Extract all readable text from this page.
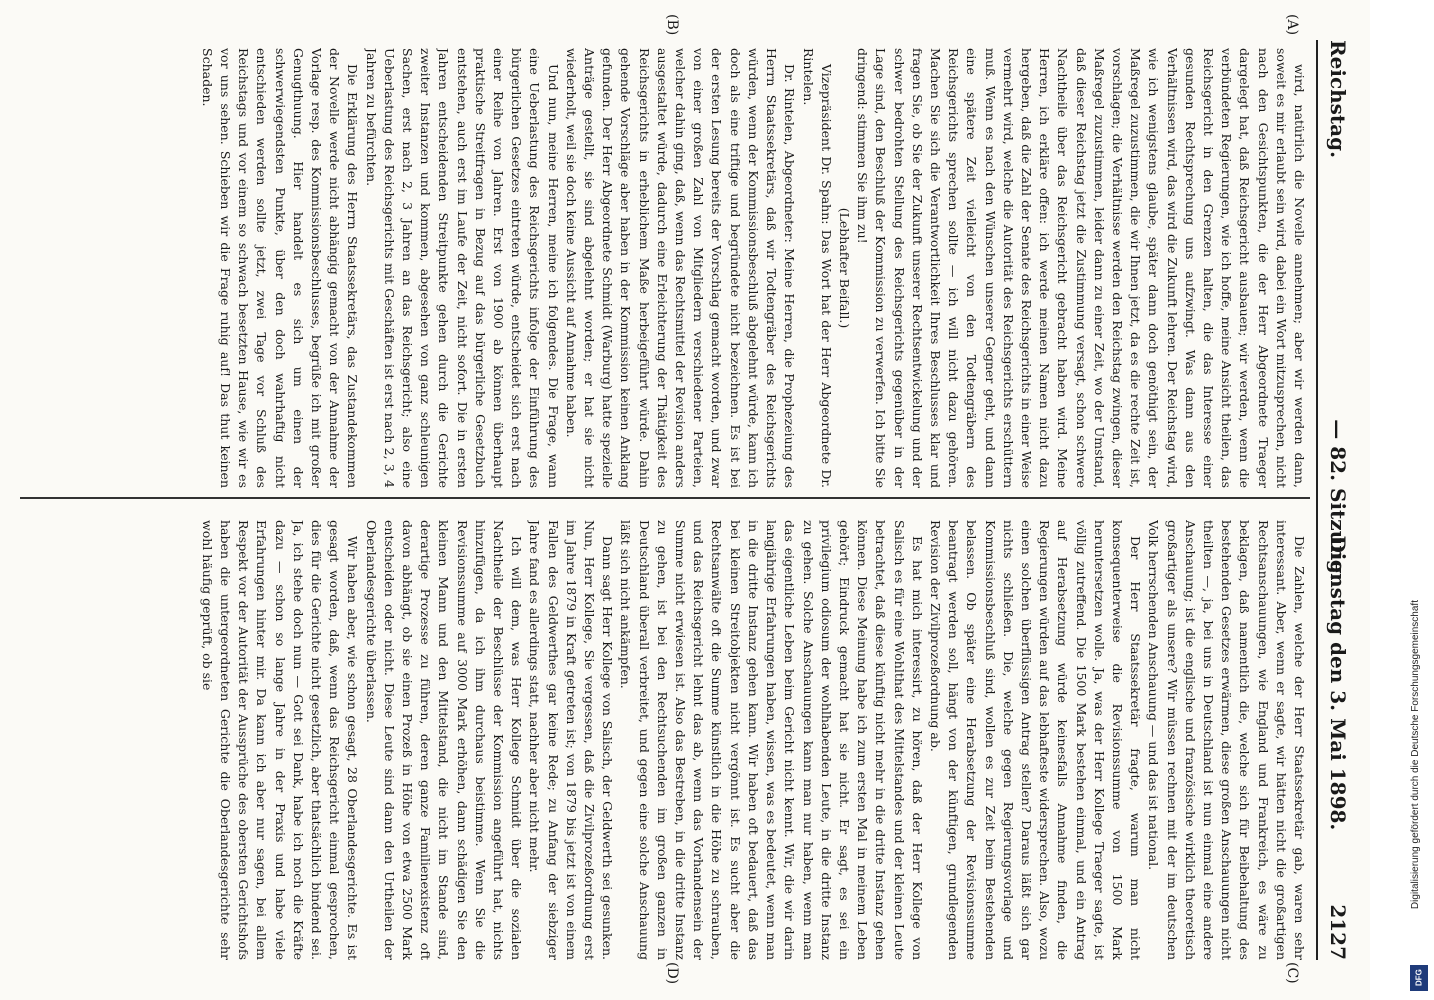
Reichstag.
— 82. Sitzung.
Dienstag den 3. Mai 1898.  2127
(A)
(B)
(C)
(D)

wird, natürlich die Novelle annehmen; aber wir werden dann, soweit es mir erlaubt sein wird, dabei ein Wort mitzusprechen, nicht nach den Gesichtspunkten, die der Herr Abgeordnete Traeger dargelegt hat, daß Reichsgericht ausbauen; wir werden, wenn die verbündeten Regierungen, wie ich hoffe, meine Ansicht theilen, das Reichsgericht in den Grenzen halten, die das Interesse einer gesunden Rechtsprechung uns aufzwingt. Was dann aus den Verhältnissen wird, das wird die Zukunft lehren. Der Reichstag wird, wie ich wenigstens glaube, später dann doch genöthigt sein, der Maßregel zuzustimmen, die wir Ihnen jetzt, da es die rechte Zeit ist, vorschlagen; die Verhältnisse werden den Reichstag zwingen, dieser Maßregel zuzustimmen, leider dann zu einer Zeit, wo der Umstand, daß dieser Reichstag jetzt die Zustimmung versagt, schon schwere Nachtheile über das Reichsgericht gebracht haben wird. Meine Herren, ich erkläre offen: ich werde meinen Namen nicht dazu hergeben, daß die Zahl der Senate des Reichsgerichts in einer Weise vermehrt wird, welche die Autorität des Reichsgerichts erschüttern muß. Wenn es nach den Wünschen unserer Gegner geht, und dann eine spätere Zeit vielleicht von den Todtengräbern des Reichsgerichts sprechen sollte — ich will nicht dazu gehören. Machen Sie sich die Verantwortlichkeit Ihres Beschlusses klar und fragen Sie, ob Sie der Zukunft unserer Rechtsentwickelung und der schwer bedrohten Stellung des Reichsgerichts gegenüber in der Lage sind, den Beschluß der Kommission zu verwerfen. Ich bitte Sie dringend: stimmen Sie ihm zu!

(Lebhafter Beifall.)

Vizepräsident Dr. Spahn: Das Wort hat der Herr Abgeordnete Dr. Rintelen.

Dr. Rintelen, Abgeordneter: Meine Herren, die Prophezeiung des Herrn Staatssekretärs, daß wir Todtengräber des Reichsgerichts würden, wenn der Kommissionsbeschluß abgelehnt würde, kann ich doch als eine triftige und begründete nicht bezeichnen. Es ist bei der ersten Lesung bereits der Vorschlag gemacht worden, und zwar von einer großen Zahl von Mitgliedern verschiedener Parteien, welcher dahin ging, daß, wenn das Rechtsmittel der Revision anders ausgestaltet würde, dadurch eine Erleichterung der Thätigkeit des Reichsgerichts in erheblichem Maße herbeigeführt würde. Dahin gehende Vorschläge aber haben in der Kommission keinen Anklang gefunden. Der Herr Abgeordnete Schmidt (Warburg) hatte spezielle Anträge gestellt, sie sind abgelehnt worden; er hat sie nicht wiederholt, weil sie doch keine Aussicht auf Annahme haben.

Und nun, meine Herren, meine ich folgendes. Die Frage, wann eine Ueberlastung des Reichsgerichts infolge der Einführung des bürgerlichen Gesetzes eintreten würde, entscheidet sich erst nach einer Reihe von Jahren. Erst von 1900 ab können überhaupt praktische Streitfragen in Bezug auf das bürgerliche Gesetzbuch entstehen, auch erst im Laufe der Zeit, nicht sofort. Die in ersten Jahren entscheidenden Streitpunkte gehen durch die Gerichte zweiter Instanzen und kommen, abgesehen von ganz schleunigen Sachen, erst nach 2, 3 Jahren an das Reichsgericht; also eine Ueberlastung des Reichsgerichts mit Geschäften ist erst nach 2, 3, 4 Jahren zu befürchten.

Die Erklärung des Herrn Staatssekretärs, das Zustandekommen der Novelle werde nicht abhängig gemacht von der Annahme der Vorlage resp. des Kommissionsbeschlusses, begrüße ich mit großer Genugthuung. Hier handelt es sich um einen der schwerwiegendsten Punkte, über den doch wahrhaftig nicht entschieden werden sollte jetzt, zwei Tage vor Schluß des Reichstags und vor einem so schwach besetzten Hause, wie wir es vor uns sehen. Schieben wir die Frage ruhig auf! Das thut keinen Schaden.

Die Zahlen, welche der Herr Staatssekretär gab, waren sehr interessant. Aber, wenn er sagte, wir hätten nicht die großartigen Rechtsanschauungen, wie England und Frankreich, es wäre zu beklagen, daß namentlich die, welche sich für Beibehaltung des bestehenden Gesetzes erwärmen, diese großen Anschauungen nicht theilten —, ja, bei uns in Deutschland ist nun einmal eine andere Anschauung; ist die englische und französische wirklich theoretisch großartiger als unsere? Wir müssen rechnen mit der im deutschen Volk herrschenden Anschauung — und das ist national.

Der Herr Staatssekretär fragte, warum man nicht konsequenterweise die Revisionssumme von 1500 Mark heruntersetzen wolle. Ja, was der Herr Kollege Traeger sagte, ist völlig zutreffend. Die 1500 Mark bestehen einmal, und ein Antrag auf Herabsetzung würde keinesfalls Annahme finden, die Regierungen würden auf das lebhafteste widersprechen. Also, wozu einen solchen überflüssigen Antrag stellen? Daraus läßt sich gar nichts schließen. Die, welche gegen Regierungsvorlage und Kommissionsbeschluß sind, wollen es zur Zeit beim Bestehenden belassen. Ob später eine Herabsetzung der Revisionssumme beantragt werden soll, hängt von der künftigen, grundlegenden Revision der Zivilprozeßordnung ab.

Es hat mich interessirt, zu hören, daß der Herr Kollege von Salisch es für eine Wohlthat des Mittelstandes und der kleinen Leute betrachtet, daß diese künftig nicht mehr in die dritte Instanz gehen können. Diese Meinung habe ich zum ersten Mal in meinem Leben gehört; Eindruck gemacht hat sie nicht. Er sagt, es sei ein privilegium odiosum der wohlhabenden Leute, in die dritte Instanz zu gehen. Solche Anschauungen kann man nur haben, wenn man das eigentliche Leben beim Gericht nicht kennt. Wir, die wir darin langjährige Erfahrungen haben, wissen, was es bedeutet, wenn man in die dritte Instanz gehen kann. Wir haben oft bedauert, daß das bei kleinen Streitobjekten nicht vergönnt ist. Es sucht aber die Rechtsanwälte oft die Summe künstlich in die Höhe zu schrauben, und das Reichsgericht lehnt das ab, wenn das Vorhandensein der Summe nicht erwiesen ist. Also das Bestreben, in die dritte Instanz zu gehen, ist bei den Rechtsuchenden im großen ganzen in Deutschland überall verbreitet, und gegen eine solche Anschauung läßt sich nicht ankämpfen.

Dann sagt Herr Kollege von Salisch, der Geldwerth sei gesunken. Nun, Herr Kollege, Sie vergessen, daß die Zivilprozeßordnung erst im Jahre 1879 in Kraft getreten ist; von 1879 bis jetzt ist von einem Fallen des Geldwerthes gar keine Rede; zu Anfang der siebziger Jahre fand es allerdings statt, nachher aber nicht mehr.

Ich will dem, was Herr Kollege Schmidt über die sozialen Nachtheile der Beschlüsse der Kommission angeführt hat, nichts hinzufügen, da ich ihm durchaus beistimme. Wenn Sie die Revisionssumme auf 3000 Mark erhöhen, dann schädigen Sie den kleinen Mann und den Mittelstand, die nicht im Stande sind, derartige Prozesse zu führen, deren ganze Familienexistenz oft davon abhängt, ob sie einen Prozeß in Höhe von etwa 2500 Mark entscheiden oder nicht. Diese Leute sind dann den Urtheilen der Oberlandesgerichte überlassen.

Wir haben aber, wie schon gesagt, 28 Oberlandesgerichte. Es ist gesagt worden, daß, wenn das Reichsgericht einmal gesprochen, dies für die Gerichte nicht gesetzlich, aber thatsächlich bindend sei. Ja, ich stehe doch nun — Gott sei Dank, habe ich noch die Kräfte dazu — schon so lange Jahre in der Praxis und habe viele Erfahrungen hinter mir. Da kann ich aber nur sagen, bei allem Respekt vor der Autorität der Aussprüche des obersten Gerichtshofs haben die untergeordneten Gerichte die Oberlandesgerichte sehr wohl häufig geprüft, ob sie	Digitalisierung gefördert durch die Deutsche Forschungsgemeinschaft
DFG
